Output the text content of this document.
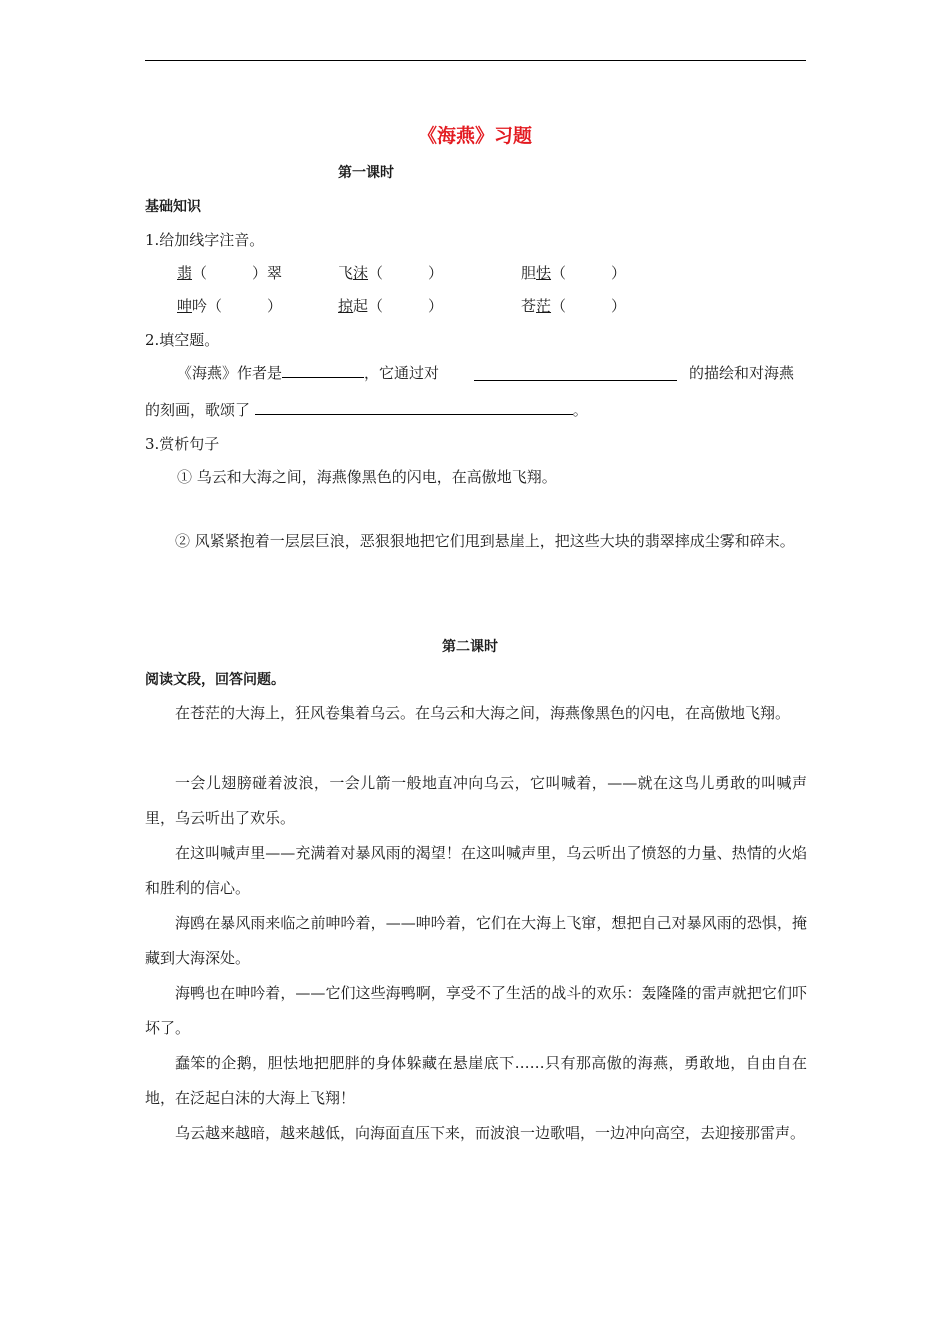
《海燕》习题
第一课时
基础知识
1.给加线字注音。
翡（　　　）翠	飞沫（　　　）	胆怯（　　　）
呻吟（　　　）	掠起（　　　）	苍茫（　　　）
2.填空题。
《海燕》作者是	，它通过对	的描绘和对海燕
的刻画，歌颂了	。
3.赏析句子
① 乌云和大海之间，海燕像黑色的闪电，在高傲地飞翔。
② 风紧紧抱着一层层巨浪，恶狠狠地把它们甩到悬崖上，把这些大块的翡翠摔成尘雾和碎末。
第二课时
阅读文段，回答问题。
在苍茫的大海上，狂风卷集着乌云。在乌云和大海之间，海燕像黑色的闪电，在高傲地飞翔。
一会儿翅膀碰着波浪，一会儿箭一般地直冲向乌云，它叫喊着，——就在这鸟儿勇敢的叫喊声里，乌云听出了欢乐。
在这叫喊声里——充满着对暴风雨的渴望！在这叫喊声里，乌云听出了愤怒的力量、热情的火焰和胜利的信心。
海鸥在暴风雨来临之前呻吟着，——呻吟着，它们在大海上飞窜，想把自己对暴风雨的恐惧，掩藏到大海深处。
海鸭也在呻吟着，——它们这些海鸭啊，享受不了生活的战斗的欢乐：轰隆隆的雷声就把它们吓坏了。
蠢笨的企鹅，胆怯地把肥胖的身体躲藏在悬崖底下……只有那高傲的海燕，勇敢地，自由自在地，在泛起白沫的大海上飞翔！
乌云越来越暗，越来越低，向海面直压下来，而波浪一边歌唱，一边冲向高空，去迎接那雷声。
